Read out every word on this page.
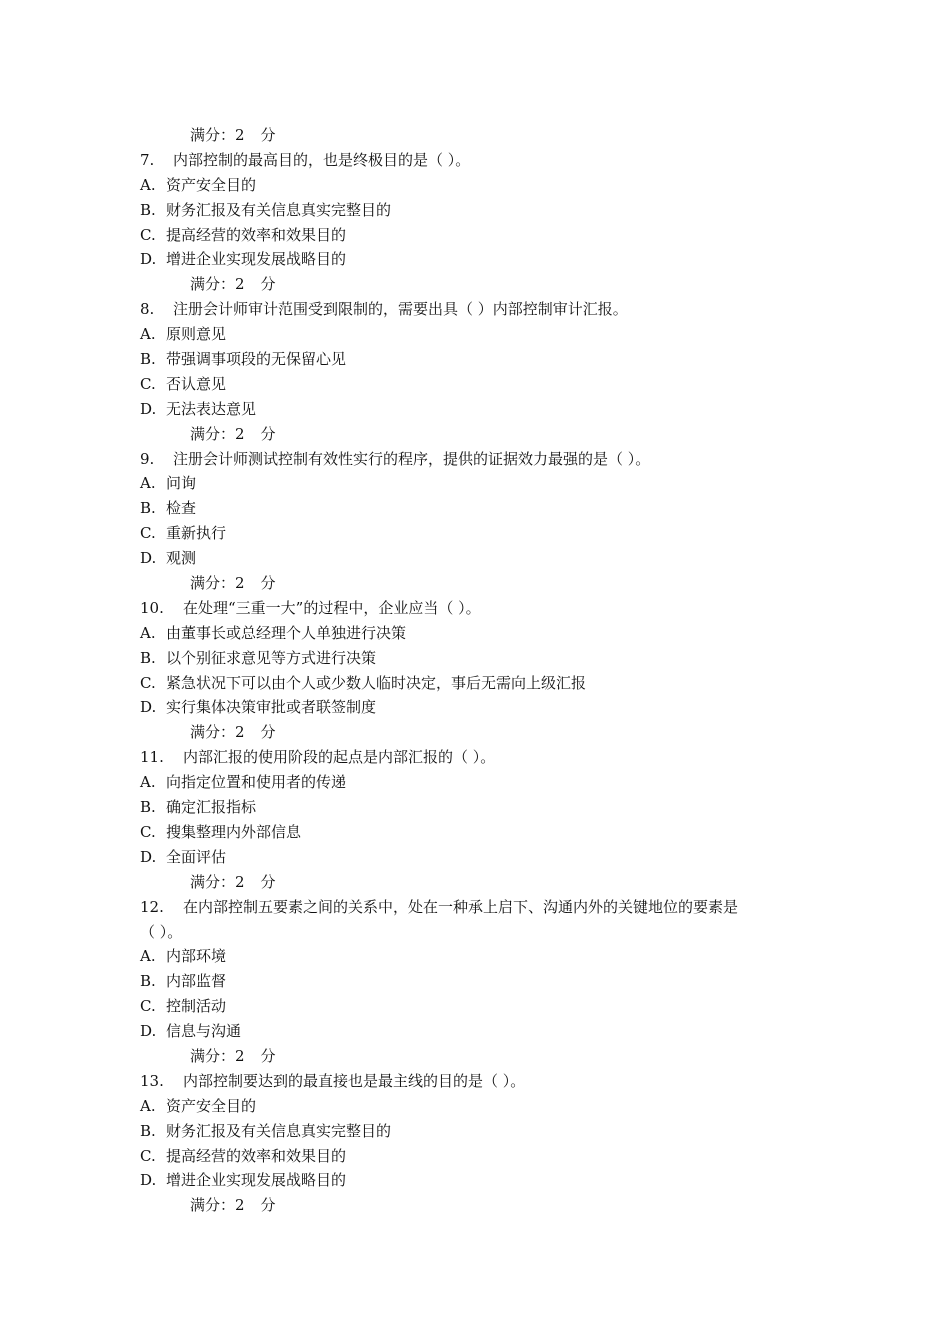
满分：2 分
7. 内部控制的最高目的，也是终极目的是（ ）。
A. 资产安全目的
B. 财务汇报及有关信息真实完整目的
C. 提高经营的效率和效果目的
D. 增进企业实现发展战略目的
满分：2 分
8. 注册会计师审计范围受到限制的，需要出具（ ）内部控制审计汇报。
A. 原则意见
B. 带强调事项段的无保留心见
C. 否认意见
D. 无法表达意见
满分：2 分
9. 注册会计师测试控制有效性实行的程序，提供的证据效力最强的是（ ）。
A. 问询
B. 检查
C. 重新执行
D. 观测
满分：2 分
10. 在处理“三重一大”的过程中，企业应当（ ）。
A. 由董事长或总经理个人单独进行决策
B. 以个别征求意见等方式进行决策
C. 紧急状况下可以由个人或少数人临时决定，事后无需向上级汇报
D. 实行集体决策审批或者联签制度
满分：2 分
11. 内部汇报的使用阶段的起点是内部汇报的（ ）。
A. 向指定位置和使用者的传递
B. 确定汇报指标
C. 搜集整理内外部信息
D. 全面评估
满分：2 分
12. 在内部控制五要素之间的关系中，处在一种承上启下、沟通内外的关键地位的要素是
（ ）。
A. 内部环境
B. 内部监督
C. 控制活动
D. 信息与沟通
满分：2 分
13. 内部控制要达到的最直接也是最主线的目的是（ ）。
A. 资产安全目的
B. 财务汇报及有关信息真实完整目的
C. 提高经营的效率和效果目的
D. 增进企业实现发展战略目的
满分：2 分
